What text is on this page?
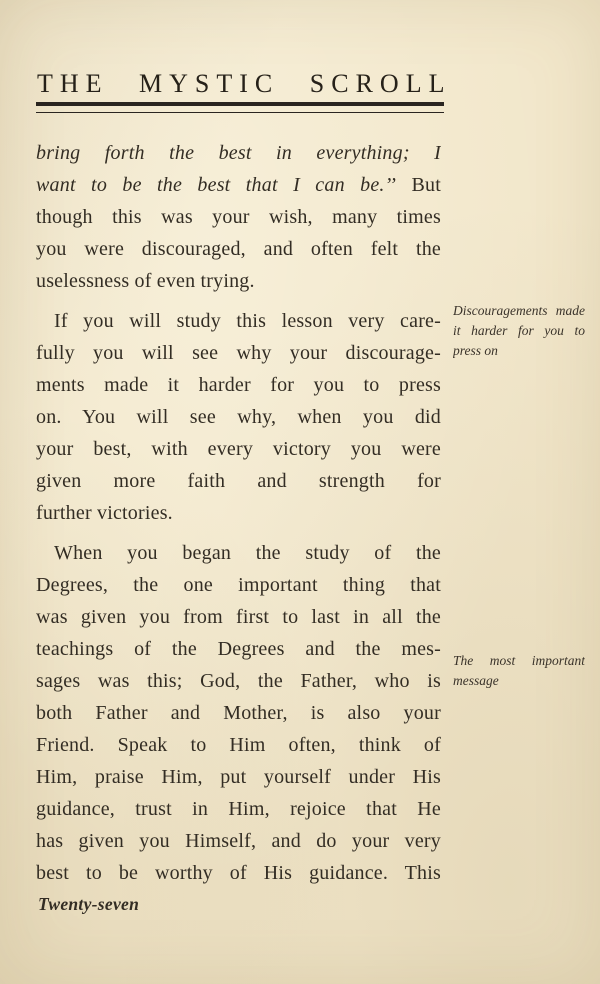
THE MYSTIC SCROLL
bring forth the best in everything; I
want to be the best that I can be.’’ But
though this was your wish, many times
you were discouraged, and often felt the
uselessness of even trying.
If you will study this lesson very care-
fully you will see why your discourage-
ments made it harder for you to press
on. You will see why, when you did
your best, with every victory you were
given more faith and strength for
further victories.
When you began the study of the
Degrees, the one important thing that
was given you from first to last in all the
teachings of the Degrees and the mes-
sages was this; God, the Father, who is
both Father and Mother, is also your
Friend. Speak to Him often, think of
Him, praise Him, put yourself under His
guidance, trust in Him, rejoice that He
has given you Himself, and do your very
best to be worthy of His guidance. This
Discouragements made
it harder for you to
press on
The most important
message
Twenty-seven
